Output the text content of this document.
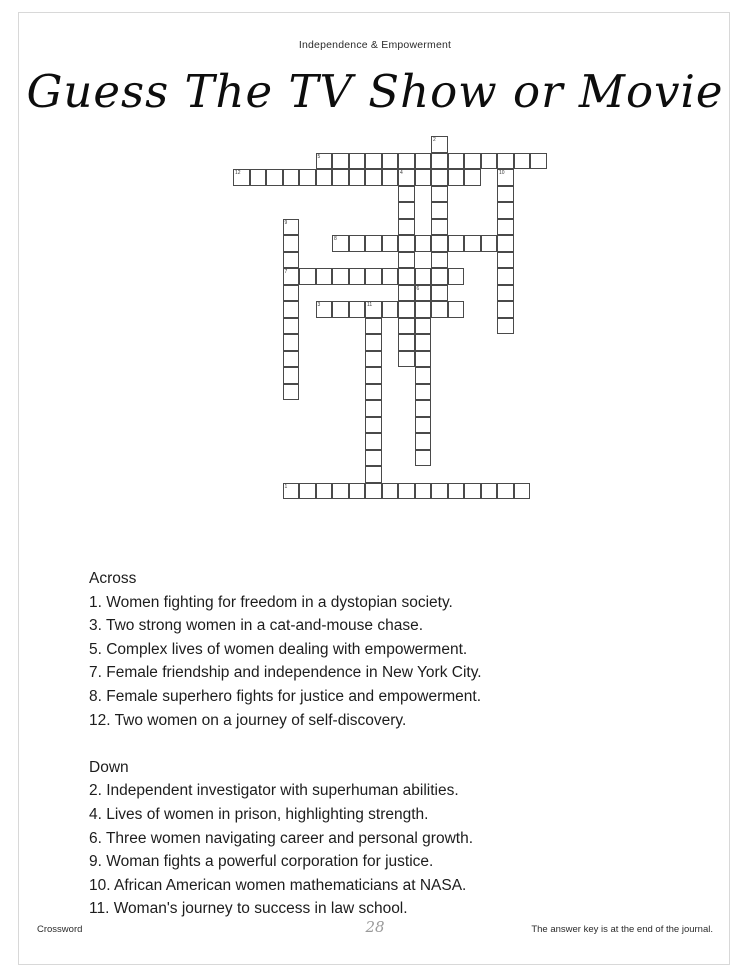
Independence & Empowerment
Guess The TV Show or Movie
2
5
12	4	10
9
7
8
6
3	11
1
Across
1. Women fighting for freedom in a dystopian society.
3. Two strong women in a cat-and-mouse chase.
5. Complex lives of women dealing with empowerment.
7. Female friendship and independence in New York City.
8. Female superhero fights for justice and empowerment.
12. Two women on a journey of self-discovery.
Down
2. Independent investigator with superhuman abilities.
4. Lives of women in prison, highlighting strength.
6. Three women navigating career and personal growth.
9. Woman fights a powerful corporation for justice.
10. African American women mathematicians at NASA.
11. Woman's journey to success in law school.
Crossword	28	The answer key is at the end of the journal.
